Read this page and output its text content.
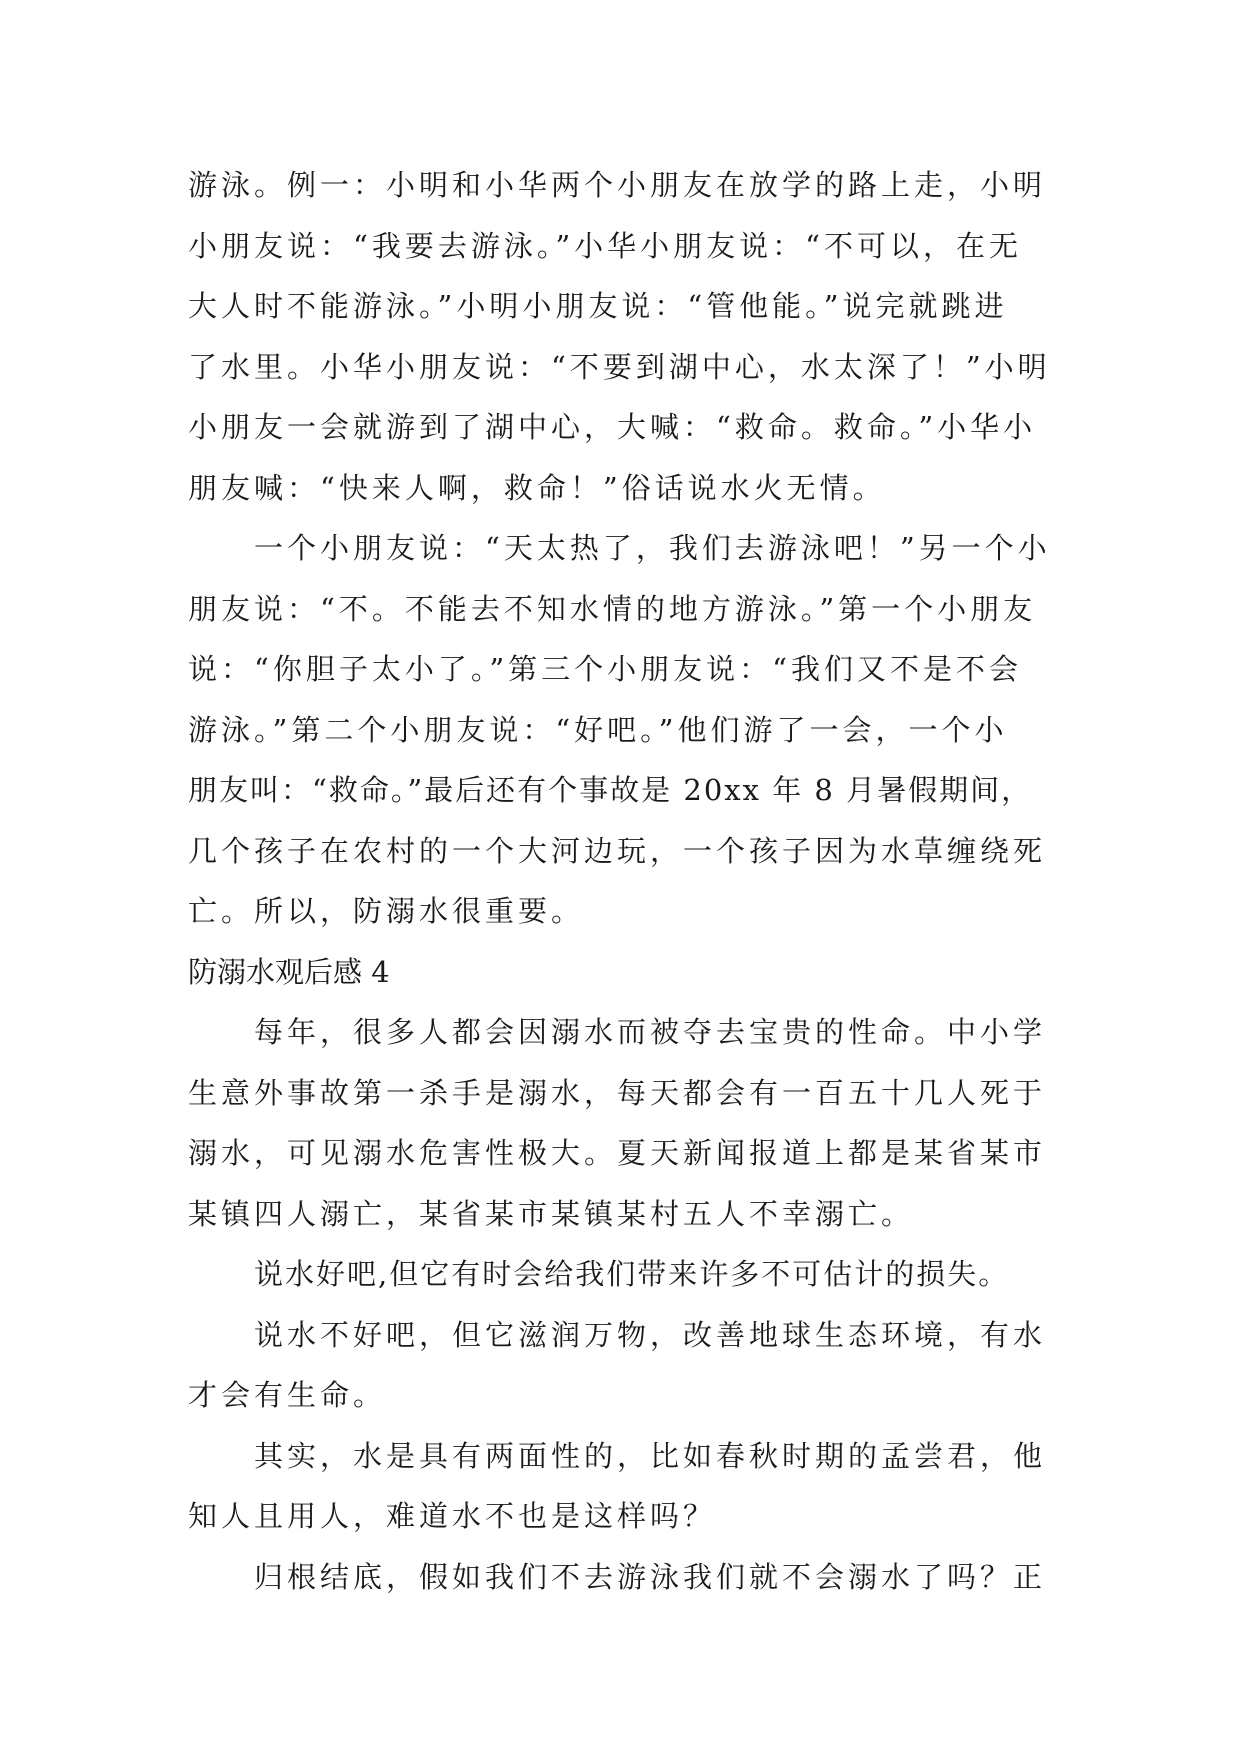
游泳。例一：小明和小华两个小朋友在放学的路上走，小明
小朋友说：“我要去游泳。”小华小朋友说：“不可以，在无
大人时不能游泳。”小明小朋友说：“管他能。”说完就跳进
了水里。小华小朋友说：“不要到湖中心，水太深了！”小明
小朋友一会就游到了湖中心，大喊：“救命。救命。”小华小
朋友喊：“快来人啊，救命！”俗话说水火无情。

一个小朋友说：“天太热了，我们去游泳吧！”另一个小
朋友说：“不。不能去不知水情的地方游泳。”第一个小朋友
说：“你胆子太小了。”第三个小朋友说：“我们又不是不会
游泳。”第二个小朋友说：“好吧。”他们游了一会，一个小
朋友叫：“救命。”最后还有个事故是 20xx 年 8 月暑假期间，
几个孩子在农村的一个大河边玩，一个孩子因为水草缠绕死
亡。所以，防溺水很重要。

防溺水观后感 4

每年，很多人都会因溺水而被夺去宝贵的性命。中小学
生意外事故第一杀手是溺水，每天都会有一百五十几人死于
溺水，可见溺水危害性极大。夏天新闻报道上都是某省某市
某镇四人溺亡，某省某市某镇某村五人不幸溺亡。

说水好吧,但它有时会给我们带来许多不可估计的损失。

说水不好吧，但它滋润万物，改善地球生态环境，有水
才会有生命。

其实，水是具有两面性的，比如春秋时期的孟尝君，他
知人且用人，难道水不也是这样吗？

归根结底，假如我们不去游泳我们就不会溺水了吗？正
